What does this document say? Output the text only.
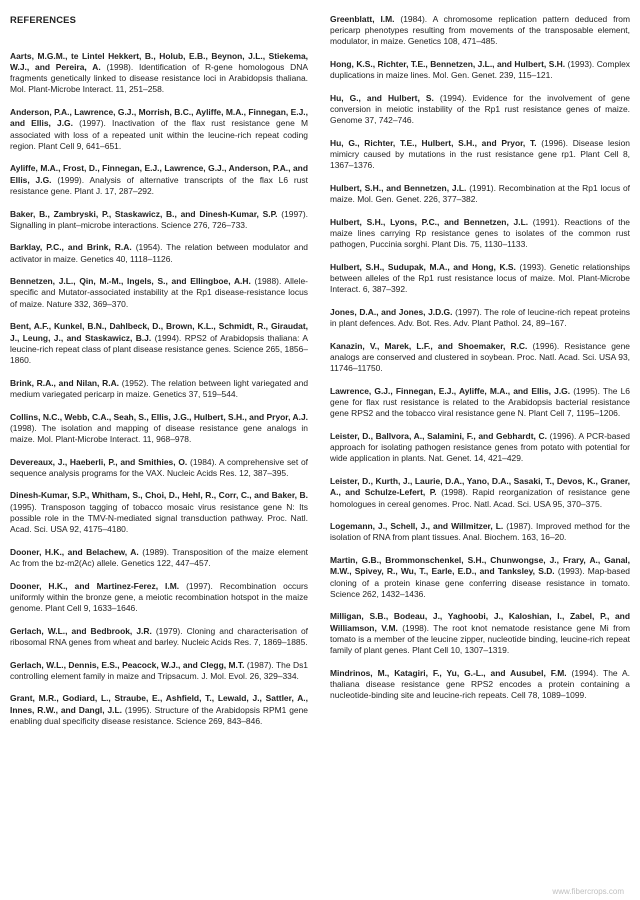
REFERENCES

Aarts, M.G.M., te Lintel Hekkert, B., Holub, E.B., Beynon, J.L., Stiekema, W.J., and Pereira, A. (1998). Identification of R-gene homologous DNA fragments genetically linked to disease resistance loci in Arabidopsis thaliana. Mol. Plant-Microbe Interact. 11, 251–258.

Anderson, P.A., Lawrence, G.J., Morrish, B.C., Ayliffe, M.A., Finnegan, E.J., and Ellis, J.G. (1997). Inactivation of the flax rust resistance gene M associated with loss of a repeated unit within the leucine-rich repeat coding region. Plant Cell 9, 641–651.

Ayliffe, M.A., Frost, D., Finnegan, E.J., Lawrence, G.J., Anderson, P.A., and Ellis, J.G. (1999). Analysis of alternative transcripts of the flax L6 rust resistance gene. Plant J. 17, 287–292.

Baker, B., Zambryski, P., Staskawicz, B., and Dinesh-Kumar, S.P. (1997). Signalling in plant–microbe interactions. Science 276, 726–733.

Barklay, P.C., and Brink, R.A. (1954). The relation between modulator and activator in maize. Genetics 40, 1118–1126.

Bennetzen, J.L., Qin, M.-M., Ingels, S., and Ellingboe, A.H. (1988). Allele-specific and Mutator-associated instability at the Rp1 disease-resistance locus of maize. Nature 332, 369–370.

Bent, A.F., Kunkel, B.N., Dahlbeck, D., Brown, K.L., Schmidt, R., Giraudat, J., Leung, J., and Staskawicz, B.J. (1994). RPS2 of Arabidopsis thaliana: A leucine-rich repeat class of plant disease resistance genes. Science 265, 1856–1860.

Brink, R.A., and Nilan, R.A. (1952). The relation between light variegated and medium variegated pericarp in maize. Genetics 37, 519–544.

Collins, N.C., Webb, C.A., Seah, S., Ellis, J.G., Hulbert, S.H., and Pryor, A.J. (1998). The isolation and mapping of disease resistance gene analogs in maize. Mol. Plant-Microbe Interact. 11, 968–978.

Devereaux, J., Haeberli, P., and Smithies, O. (1984). A comprehensive set of sequence analysis programs for the VAX. Nucleic Acids Res. 12, 387–395.

Dinesh-Kumar, S.P., Whitham, S., Choi, D., Hehl, R., Corr, C., and Baker, B. (1995). Transposon tagging of tobacco mosaic virus resistance gene N: Its possible role in the TMV-N-mediated signal transduction pathway. Proc. Natl. Acad. Sci. USA 92, 4175–4180.

Dooner, H.K., and Belachew, A. (1989). Transposition of the maize element Ac from the bz-m2(Ac) allele. Genetics 122, 447–457.

Dooner, H.K., and Martinez-Ferez, I.M. (1997). Recombination occurs uniformly within the bronze gene, a meiotic recombination hotspot in the maize genome. Plant Cell 9, 1633–1646.

Gerlach, W.L., and Bedbrook, J.R. (1979). Cloning and characterisation of ribosomal RNA genes from wheat and barley. Nucleic Acids Res. 7, 1869–1885.

Gerlach, W.L., Dennis, E.S., Peacock, W.J., and Clegg, M.T. (1987). The Ds1 controlling element family in maize and Tripsacum. J. Mol. Evol. 26, 329–334.

Grant, M.R., Godiard, L., Straube, E., Ashfield, T., Lewald, J., Sattler, A., Innes, R.W., and Dangl, J.L. (1995). Structure of the Arabidopsis RPM1 gene enabling dual specificity disease resistance. Science 269, 843–846.

Greenblatt, I.M. (1984). A chromosome replication pattern deduced from pericarp phenotypes resulting from movements of the transposable element, modulator, in maize. Genetics 108, 471–485.

Hong, K.S., Richter, T.E., Bennetzen, J.L., and Hulbert, S.H. (1993). Complex duplications in maize lines. Mol. Gen. Genet. 239, 115–121.

Hu, G., and Hulbert, S. (1994). Evidence for the involvement of gene conversion in meiotic instability of the Rp1 rust resistance genes of maize. Genome 37, 742–746.

Hu, G., Richter, T.E., Hulbert, S.H., and Pryor, T. (1996). Disease lesion mimicry caused by mutations in the rust resistance gene rp1. Plant Cell 8, 1367–1376.

Hulbert, S.H., and Bennetzen, J.L. (1991). Recombination at the Rp1 locus of maize. Mol. Gen. Genet. 226, 377–382.

Hulbert, S.H., Lyons, P.C., and Bennetzen, J.L. (1991). Reactions of the maize lines carrying Rp resistance genes to isolates of the common rust pathogen, Puccinia sorghi. Plant Dis. 75, 1130–1133.

Hulbert, S.H., Sudupak, M.A., and Hong, K.S. (1993). Genetic relationships between alleles of the Rp1 rust resistance locus of maize. Mol. Plant-Microbe Interact. 6, 387–392.

Jones, D.A., and Jones, J.D.G. (1997). The role of leucine-rich repeat proteins in plant defences. Adv. Bot. Res. Adv. Plant Pathol. 24, 89–167.

Kanazin, V., Marek, L.F., and Shoemaker, R.C. (1996). Resistance gene analogs are conserved and clustered in soybean. Proc. Natl. Acad. Sci. USA 93, 11746–11750.

Lawrence, G.J., Finnegan, E.J., Ayliffe, M.A., and Ellis, J.G. (1995). The L6 gene for flax rust resistance is related to the Arabidopsis bacterial resistance gene RPS2 and the tobacco viral resistance gene N. Plant Cell 7, 1195–1206.

Leister, D., Ballvora, A., Salamini, F., and Gebhardt, C. (1996). A PCR-based approach for isolating pathogen resistance genes from potato with potential for wide application in plants. Nat. Genet. 14, 421–429.

Leister, D., Kurth, J., Laurie, D.A., Yano, D.A., Sasaki, T., Devos, K., Graner, A., and Schulze-Lefert, P. (1998). Rapid reorganization of resistance gene homologues in cereal genomes. Proc. Natl. Acad. Sci. USA 95, 370–375.

Logemann, J., Schell, J., and Willmitzer, L. (1987). Improved method for the isolation of RNA from plant tissues. Anal. Biochem. 163, 16–20.

Martin, G.B., Brommonschenkel, S.H., Chunwongse, J., Frary, A., Ganal, M.W., Spivey, R., Wu, T., Earle, E.D., and Tanksley, S.D. (1993). Map-based cloning of a protein kinase gene conferring disease resistance in tomato. Science 262, 1432–1436.

Milligan, S.B., Bodeau, J., Yaghoobi, J., Kaloshian, I., Zabel, P., and Williamson, V.M. (1998). The root knot nematode resistance gene Mi from tomato is a member of the leucine zipper, nucleotide binding, leucine-rich repeat family of plant genes. Plant Cell 10, 1307–1319.

Mindrinos, M., Katagiri, F., Yu, G.-L., and Ausubel, F.M. (1994). The A. thaliana disease resistance gene RPS2 encodes a protein containing a nucleotide-binding site and leucine-rich repeats. Cell 78, 1089–1099.

www.fibercrops.com
